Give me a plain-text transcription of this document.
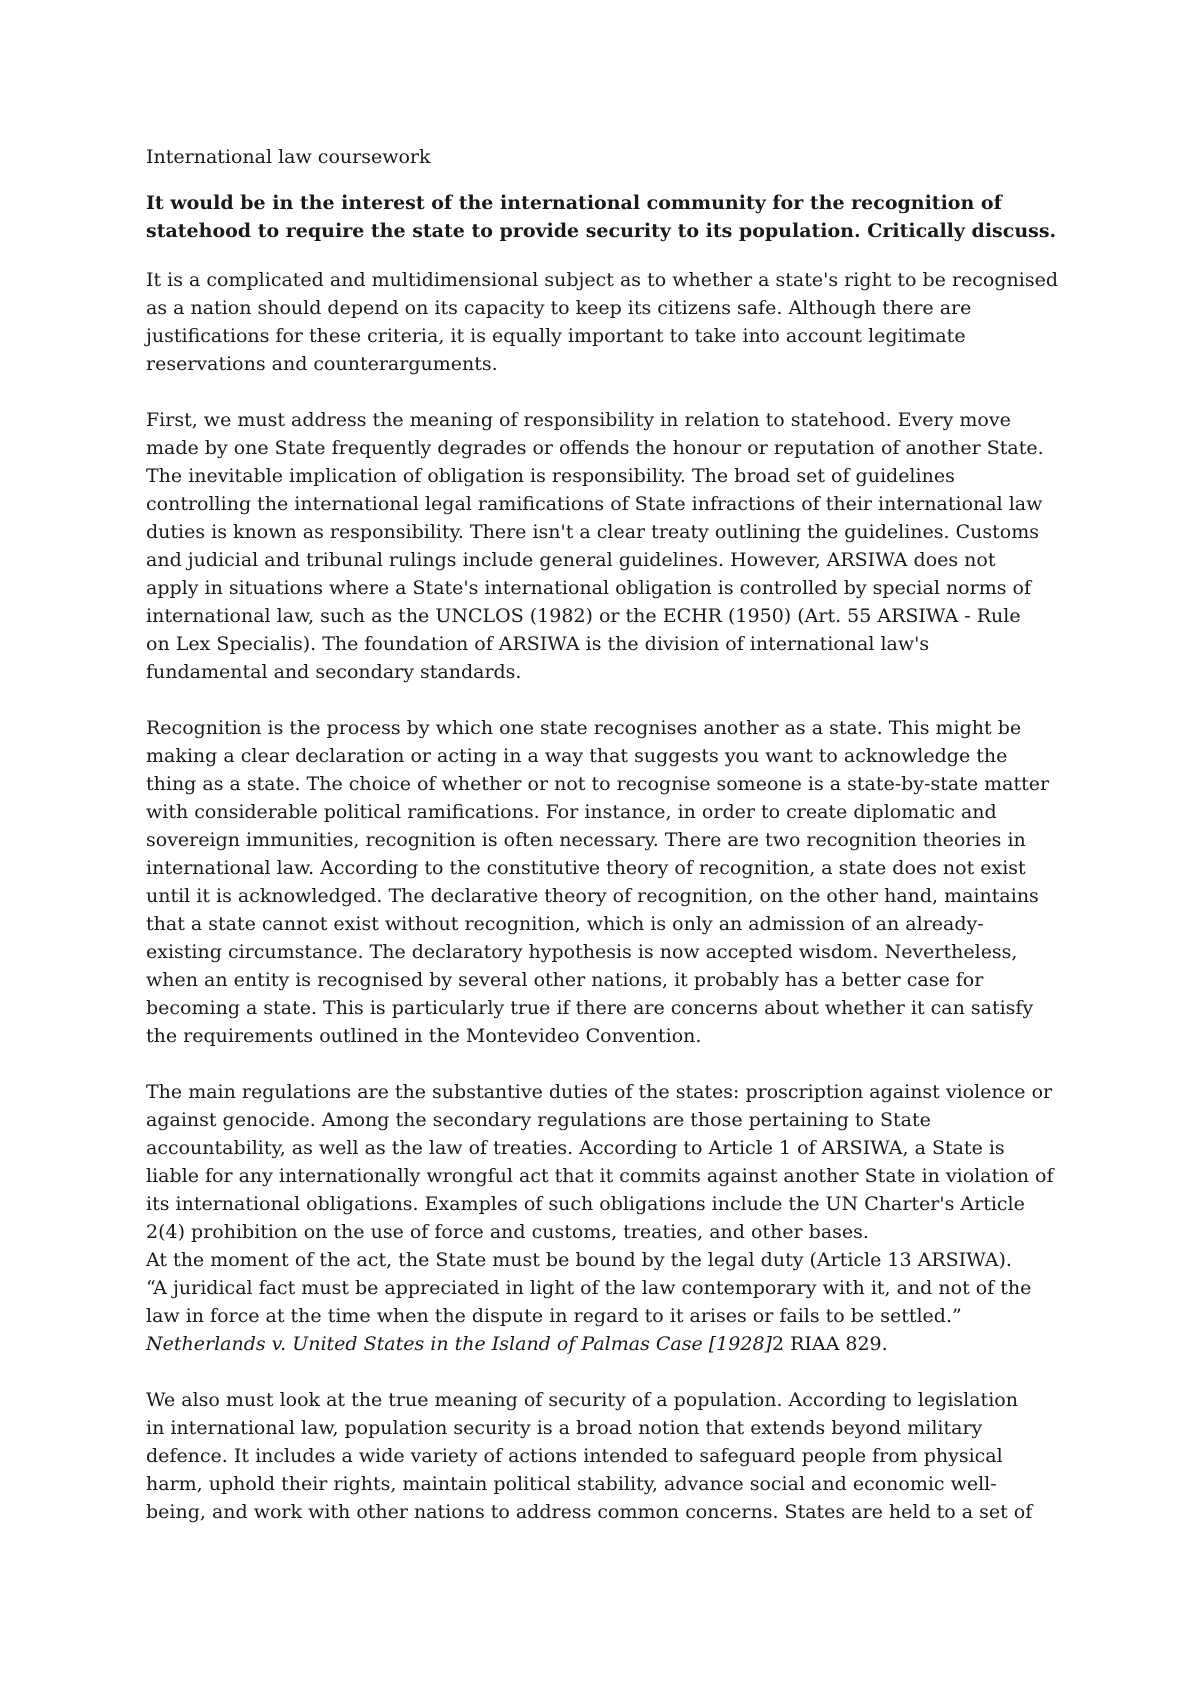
International law coursework

It would be in the interest of the international community for the recognition of
statehood to require the state to provide security to its population. Critically discuss.

It is a complicated and multidimensional subject as to whether a state's right to be recognised
as a nation should depend on its capacity to keep its citizens safe. Although there are
justifications for these criteria, it is equally important to take into account legitimate
reservations and counterarguments.

First, we must address the meaning of responsibility in relation to statehood. Every move
made by one State frequently degrades or offends the honour or reputation of another State.
The inevitable implication of obligation is responsibility. The broad set of guidelines
controlling the international legal ramifications of State infractions of their international law
duties is known as responsibility. There isn't a clear treaty outlining the guidelines. Customs
and judicial and tribunal rulings include general guidelines. However, ARSIWA does not
apply in situations where a State's international obligation is controlled by special norms of
international law, such as the UNCLOS (1982) or the ECHR (1950) (Art. 55 ARSIWA - Rule
on Lex Specialis). The foundation of ARSIWA is the division of international law's
fundamental and secondary standards.

Recognition is the process by which one state recognises another as a state. This might be
making a clear declaration or acting in a way that suggests you want to acknowledge the
thing as a state. The choice of whether or not to recognise someone is a state-by-state matter
with considerable political ramifications. For instance, in order to create diplomatic and
sovereign immunities, recognition is often necessary. There are two recognition theories in
international law. According to the constitutive theory of recognition, a state does not exist
until it is acknowledged. The declarative theory of recognition, on the other hand, maintains
that a state cannot exist without recognition, which is only an admission of an already-
existing circumstance. The declaratory hypothesis is now accepted wisdom. Nevertheless,
when an entity is recognised by several other nations, it probably has a better case for
becoming a state. This is particularly true if there are concerns about whether it can satisfy
the requirements outlined in the Montevideo Convention.

The main regulations are the substantive duties of the states: proscription against violence or
against genocide. Among the secondary regulations are those pertaining to State
accountability, as well as the law of treaties. According to Article 1 of ARSIWA, a State is
liable for any internationally wrongful act that it commits against another State in violation of
its international obligations. Examples of such obligations include the UN Charter's Article
2(4) prohibition on the use of force and customs, treaties, and other bases.
At the moment of the act, the State must be bound by the legal duty (Article 13 ARSIWA).
“A juridical fact must be appreciated in light of the law contemporary with it, and not of the
law in force at the time when the dispute in regard to it arises or fails to be settled.”
Netherlands v. United States in the Island of Palmas Case [1928]2 RIAA 829.

We also must look at the true meaning of security of a population. According to legislation
in international law, population security is a broad notion that extends beyond military
defence. It includes a wide variety of actions intended to safeguard people from physical
harm, uphold their rights, maintain political stability, advance social and economic well-
being, and work with other nations to address common concerns. States are held to a set of
